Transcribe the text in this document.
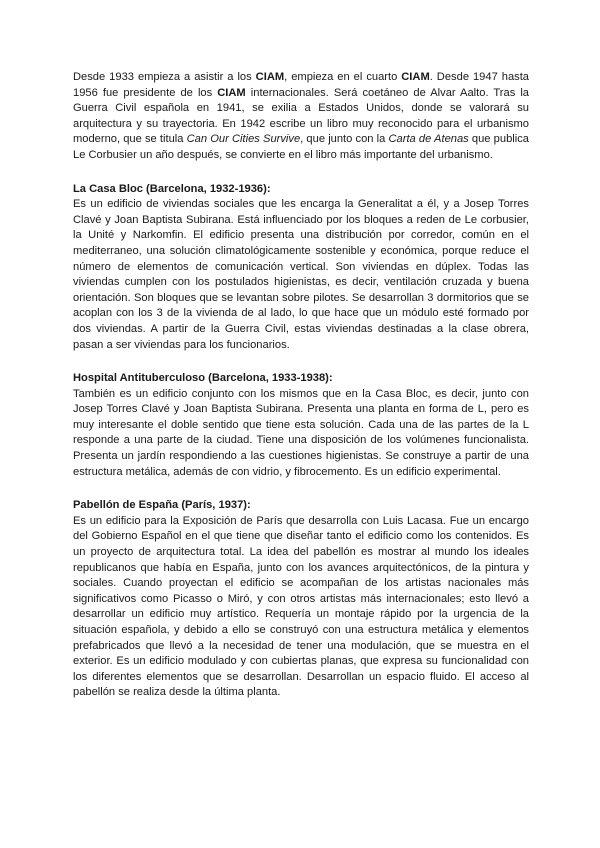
Desde 1933 empieza a asistir a los CIAM, empieza en el cuarto CIAM. Desde 1947 hasta 1956 fue presidente de los CIAM internacionales. Será coetáneo de Alvar Aalto. Tras la Guerra Civil española en 1941, se exilia a Estados Unidos, donde se valorará su arquitectura y su trayectoria. En 1942 escribe un libro muy reconocido para el urbanismo moderno, que se titula Can Our Cities Survive, que junto con la Carta de Atenas que publica Le Corbusier un año después, se convierte en el libro más importante del urbanismo.

La Casa Bloc (Barcelona, 1932-1936):

Es un edificio de viviendas sociales que les encarga la Generalitat a él, y a Josep Torres Clavé y Joan Baptista Subirana. Está influenciado por los bloques a reden de Le corbusier, la Unité y Narkomfin. El edificio presenta una distribución por corredor, común en el mediterraneo, una solución climatológicamente sostenible y económica, porque reduce el número de elementos de comunicación vertical. Son viviendas en dúplex. Todas las viviendas cumplen con los postulados higienistas, es decir, ventilación cruzada y buena orientación. Son bloques que se levantan sobre pilotes. Se desarrollan 3 dormitorios que se acoplan con los 3 de la vivienda de al lado, lo que hace que un módulo esté formado por dos viviendas. A partir de la Guerra Civil, estas viviendas destinadas a la clase obrera, pasan a ser viviendas para los funcionarios.

Hospital Antituberculoso (Barcelona, 1933-1938):

También es un edificio conjunto con los mismos que en la Casa Bloc, es decir, junto con Josep Torres Clavé y Joan Baptista Subirana. Presenta una planta en forma de L, pero es muy interesante el doble sentido que tiene esta solución. Cada una de las partes de la L responde a una parte de la ciudad. Tiene una disposición de los volúmenes funcionalista. Presenta un jardín respondiendo a las cuestiones higienistas. Se construye a partir de una estructura metálica, además de con vidrio, y fibrocemento. Es un edificio experimental.

Pabellón de España (París, 1937):

Es un edificio para la Exposición de París que desarrolla con Luis Lacasa. Fue un encargo del Gobierno Español en el que tiene que diseñar tanto el edificio como los contenidos. Es un proyecto de arquitectura total. La idea del pabellón es mostrar al mundo los ideales republicanos que había en España, junto con los avances arquitectónicos, de la pintura y sociales. Cuando proyectan el edificio se acompañan de los artistas nacionales más significativos como Picasso o Miró, y con otros artistas más internacionales; esto llevó a desarrollar un edificio muy artístico. Requería un montaje rápido por la urgencia de la situación española, y debido a ello se construyó con una estructura metálica y elementos prefabricados que llevó a la necesidad de tener una modulación, que se muestra en el exterior. Es un edificio modulado y con cubiertas planas, que expresa su funcionalidad con los diferentes elementos que se desarrollan. Desarrollan un espacio fluido. El acceso al pabellón se realiza desde la última planta.
